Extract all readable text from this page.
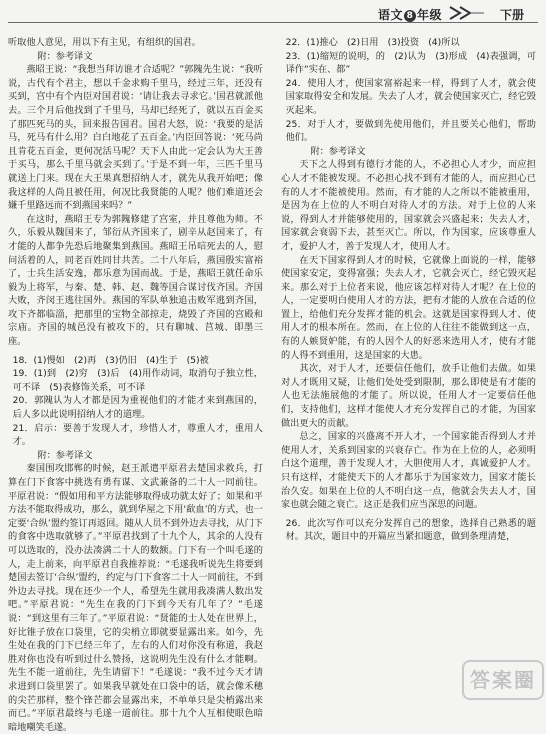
语文 8 年级	下册

听取他人意见，用以下有主见，有组织的国君。

附：参考译文

燕昭王说：“我想当拜访谁才合适呢？”郭隗先生说：“我听说，古代有个君主，想以千金求购千里马，经过三年，还没有买到，宫中有个内臣对国君说：‘请让我去寻求它。’国君就派他去。三个月后他找到了千里马，马却已经死了，就以五百金买了那匹死马的头，回来报告国君。国君大怒，说：‘我要的是活马，死马有什么用？白白地花了五百金。’内臣回答说：‘死马尚且肯花五百金，更何况活马呢？天下人由此一定会认为大王善于买马，那么千里马就会买到了。’于是不到一年，三匹千里马就送上门来。现在大王果真想招纳人才，就先从我开始吧；像我这样的人尚且被任用，何况比我贤能的人呢？他们难道还会嫌千里路远而不到燕国来吗？”

在这时，燕昭王专为郭隗修建了宫室，并且尊他为师。不久，乐毅从魏国来了，邹衍从齐国来了，剧辛从赵国来了，有才能的人都争先恐后地聚集到燕国。燕昭王吊唁死去的人，慰问活着的人，同老百姓同甘共苦。二十八年后，燕国殷实富裕了，士兵生活安逸，都乐意为国而战。于是，燕昭王就任命乐毅为上将军，与秦、楚、韩、赵、魏等国合谋讨伐齐国。齐国大败，齐闵王逃往国外。燕国的军队单独追击败军逃到齐国，攻下齐都临淄，把那里的宝物全部掠走，烧毁了齐国的宫殿和宗庙。齐国的城邑没有被攻下的，只有聊城、莒城、即墨三座。

18．(1)慢如　(2)再　(3)仍旧　(4)生于　(5)被

19．(1)到　(2)穷　(3)后　(4)用作动词，取消句子独立性，可不译　(5)表修饰关系，可不译

20．郭隗认为人才都是因为重视他们的才能才来到燕国的，后人多以此说明招纳人才的道理。

21．启示：要善于发现人才，珍惜人才，尊重人才，重用人才。

附：参考译文

秦国围攻邯郸的时候，赵王派遣平原君去楚国求救兵，打算在门下食客中挑选有勇有谋、文武兼备的二十人一同前往。平原君说：“假如用和平方法能够取得成功就太好了；如果和平方法不能取得成功，那么，就到华屋之下用‘歃血’的方式，也一定要‘合纵’盟约签订再返回。随从人员不到外边去寻找，从门下的食客中选取就够了。”平原君找到了十九个人，其余的人没有可以选取的，没办法凑满二十人的数额。门下有一个叫毛遂的人，走上前来，向平原君自我推荐说：“毛遂我听说先生将要到楚国去签订‘合纵’盟约，约定与门下食客二十人一同前往，不到外边去寻找。现在还少一个人，希望先生就用我凑满人数出发吧。”平原君说：“先生在我的门下到今天有几年了？”毛遂说：“到这里有三年了。”平原君说：“贤能的士人处在世界上，好比锥子放在口袋里，它的尖梢立即就要显露出来。如今，先生处在我的门下已经三年了，左右的人们对你没有称道，我赵胜对你也没有听到过什么赞扬，这说明先生没有什么才能啊。先生不能一道前往，先生请留下！”毛遂说：“我不过今天才请求进到口袋里罢了。如果我早就处在口袋中的话，就会像禾穗的尖芒那样，整个锋芒都会显露出来，不单单只是尖梢露出来而已。”平原君最终与毛遂一道前往。那十九个人互相使眼色暗暗地嘲笑毛遂。

22．(1)推心　(2)日用　(3)投资　(4)所以

23．(1)缩短的说明，的　(2)认为　(3)形成　(4)表强调，可译作“实在、都”

24．使用人才，使国家富裕起来一样，得到了人才，就会使国家取得安全和发展。失去了人才，就会使国家灭亡，经它毁灭起来。

25．对于人才，要做到先使用他们，并且要关心他们，帮助他们。

附：参考译文

天下之人得到有德行才能的人，不必担心人才少，而应担心人才不能被发现。不必担心找不到有才能的人，而应担心已有的人才不能被使用。然而，有才能的人之所以不能被重用，是因为在上位的人不明白对待人才的方法。对于上位的人来说，得到人才并能够使用的，国家就会兴盛起来；失去人才，国家就会衰弱下去，甚至灭亡。所以，作为国家，应该尊重人才，爱护人才，善于发现人才，使用人才。

在天下国家得到人才的时候，它就像上面说的一样，能够使国家安定，变得富强；失去人才，它就会灭亡，经它毁灭起来。那么对于上位者来说，他应该怎样对待人才呢？在上位的人，一定要明白使用人才的方法，把有才能的人放在合适的位置上，给他们充分发挥才能的机会。这就是国家得到人才、使用人才的根本所在。然而，在上位的人往往不能做到这一点，有的人嫉贤妒能，有的人因个人的好恶来选用人才，使有才能的人得不到重用，这是国家的大患。

其次，对于人才，还要信任他们，放手让他们去做。如果对人才既用又疑，让他们处处受到限制，那么即使是有才能的人也无法施展他的才能了。所以说，任用人才一定要信任他们，支持他们，这样才能使人才充分发挥自己的才能，为国家做出更大的贡献。

总之，国家的兴盛离不开人才，一个国家能否得到人才并使用人才，关系到国家的兴衰存亡。作为在上位的人，必须明白这个道理，善于发现人才，大胆使用人才，真诚爱护人才。只有这样，才能使天下的人才都乐于为国家效力，国家才能长治久安。如果在上位的人不明白这一点，他就会失去人才，国家也就会随之衰亡。这正是我们应当深思的问题。

26．此次写作可以充分发挥自己的想象，选择自己熟悉的题材。其次，题目中的开篇应当紧扣题意，做到条理清楚，

答案圈
